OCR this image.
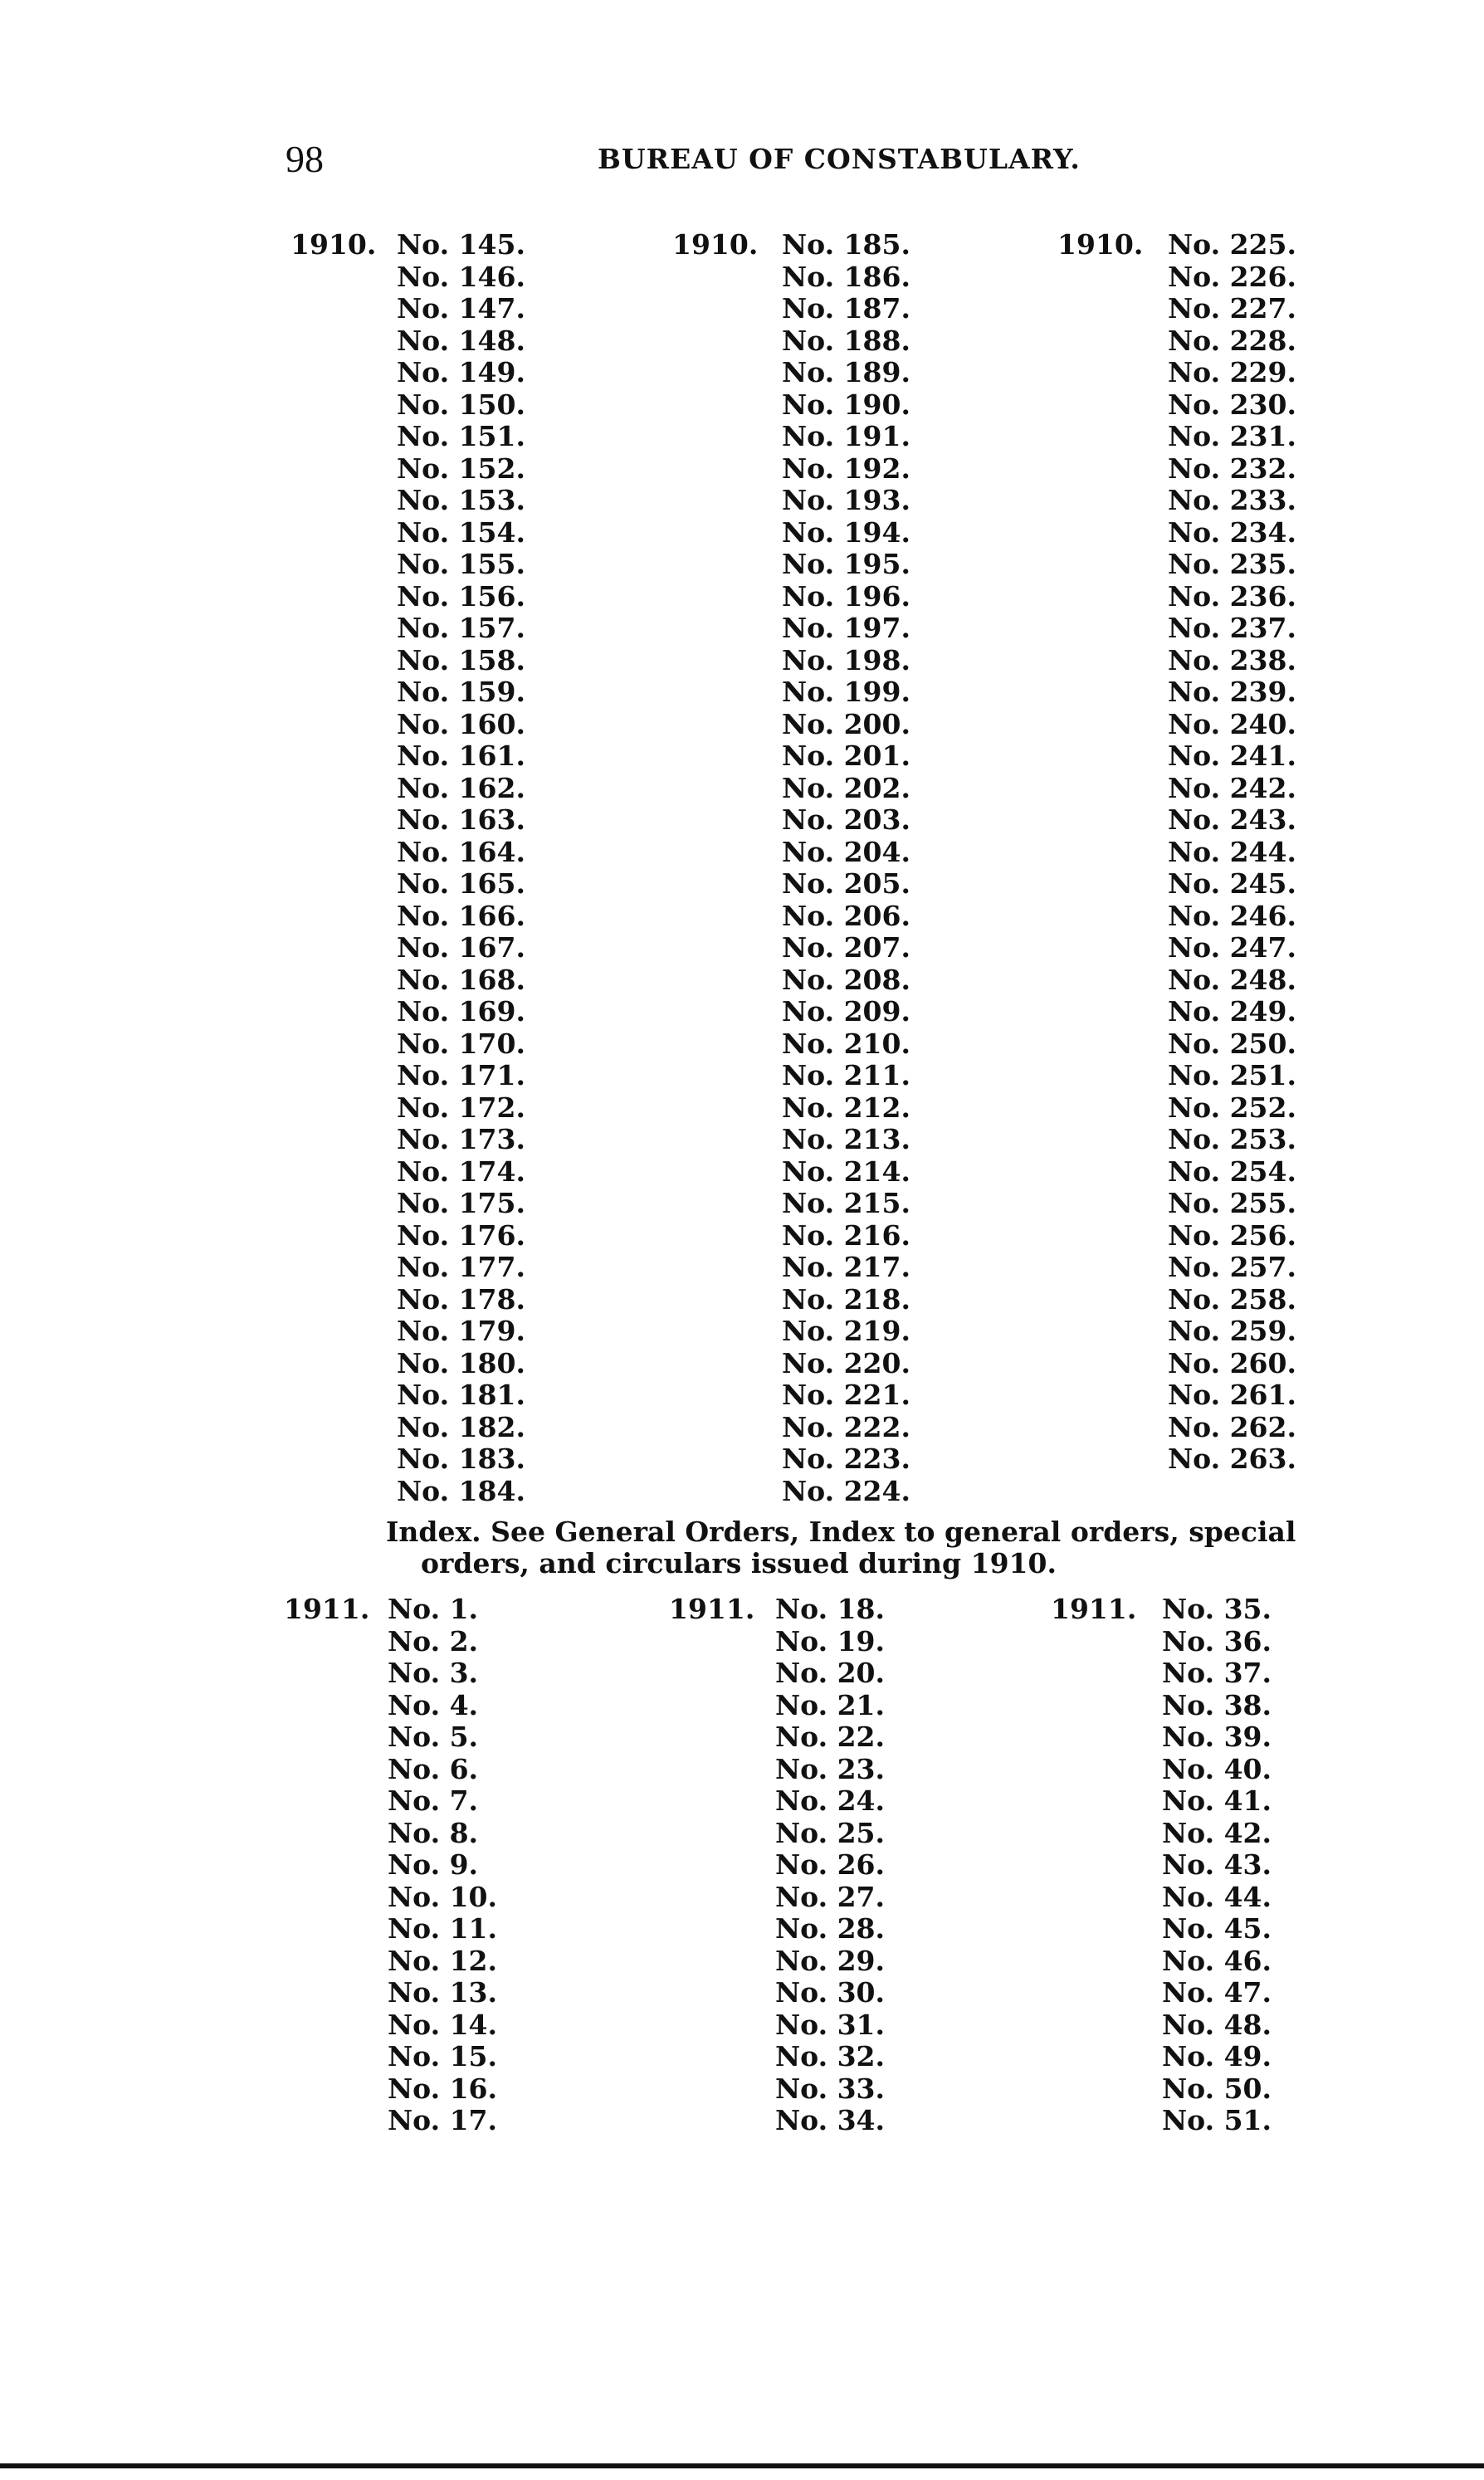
98	BUREAU OF CONSTABULARY.
1910. No. 145.
No. 146.
No. 147.
No. 148.
No. 149.
No. 150.
No. 151.
No. 152.
No. 153.
No. 154.
No. 155.
No. 156.
No. 157.
No. 158.
No. 159.
No. 160.
No. 161.
No. 162.
No. 163.
No. 164.
No. 165.
No. 166.
No. 167.
No. 168.
No. 169.
No. 170.
No. 171.
No. 172.
No. 173.
No. 174.
No. 175.
No. 176.
No. 177.
No. 178.
No. 179.
No. 180.
No. 181.
No. 182.
No. 183.
No. 184.
1910. No. 185.
No. 186.
No. 187.
No. 188.
No. 189.
No. 190.
No. 191.
No. 192.
No. 193.
No. 194.
No. 195.
No. 196.
No. 197.
No. 198.
No. 199.
No. 200.
No. 201.
No. 202.
No. 203.
No. 204.
No. 205.
No. 206.
No. 207.
No. 208.
No. 209.
No. 210.
No. 211.
No. 212.
No. 213.
No. 214.
No. 215.
No. 216.
No. 217.
No. 218.
No. 219.
No. 220.
No. 221.
No. 222.
No. 223.
No. 224.
1910. No. 225.
No. 226.
No. 227.
No. 228.
No. 229.
No. 230.
No. 231.
No. 232.
No. 233.
No. 234.
No. 235.
No. 236.
No. 237.
No. 238.
No. 239.
No. 240.
No. 241.
No. 242.
No. 243.
No. 244.
No. 245.
No. 246.
No. 247.
No. 248.
No. 249.
No. 250.
No. 251.
No. 252.
No. 253.
No. 254.
No. 255.
No. 256.
No. 257.
No. 258.
No. 259.
No. 260.
No. 261.
No. 262.
No. 263.
Index. See General Orders, Index to general orders, special
orders, and circulars issued during 1910.
1911. No. 1.
No. 2.
No. 3.
No. 4.
No. 5.
No. 6.
No. 7.
No. 8.
No. 9.
No. 10.
No. 11.
No. 12.
No. 13.
No. 14.
No. 15.
No. 16.
No. 17.
1911. No. 18.
No. 19.
No. 20.
No. 21.
No. 22.
No. 23.
No. 24.
No. 25.
No. 26.
No. 27.
No. 28.
No. 29.
No. 30.
No. 31.
No. 32.
No. 33.
No. 34.
1911. No. 35.
No. 36.
No. 37.
No. 38.
No. 39.
No. 40.
No. 41.
No. 42.
No. 43.
No. 44.
No. 45.
No. 46.
No. 47.
No. 48.
No. 49.
No. 50.
No. 51.
